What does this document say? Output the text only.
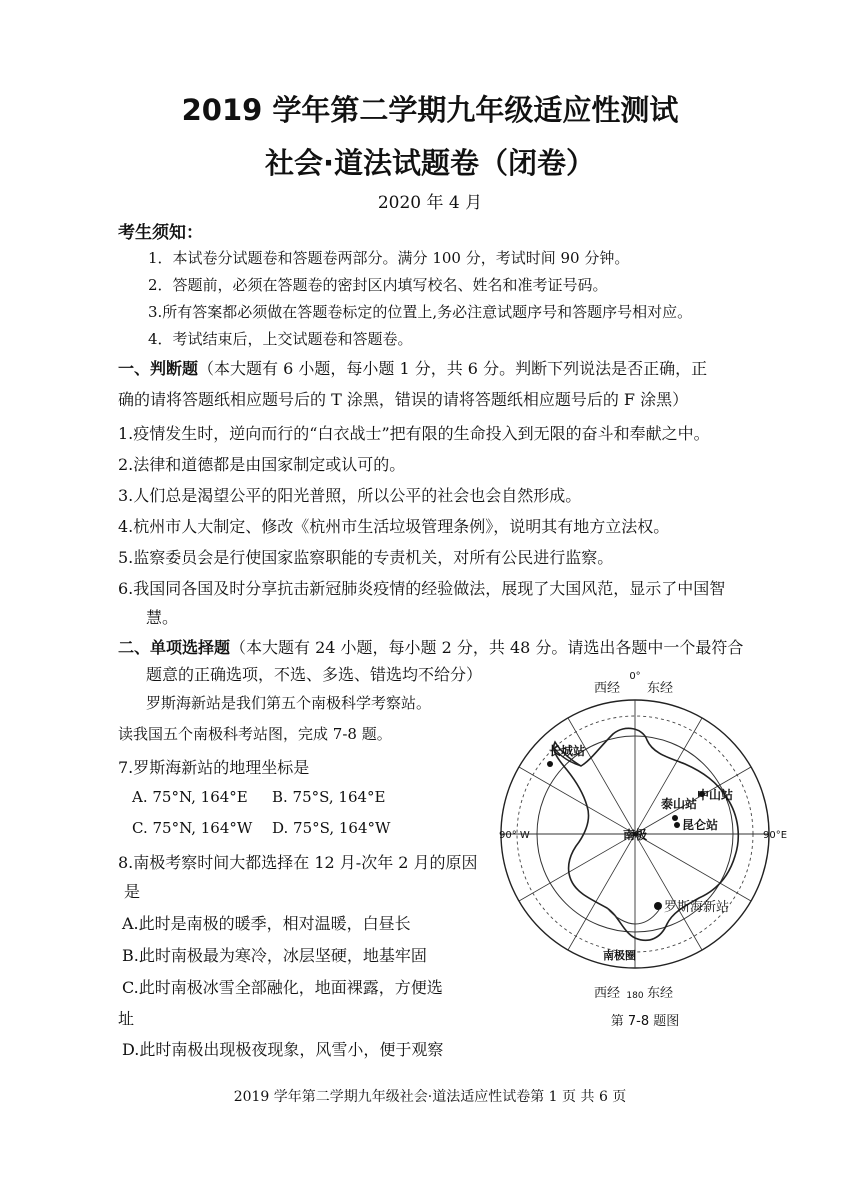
2019 学年第二学期九年级适应性测试
社会·道法试题卷（闭卷）
2020 年 4 月
考生须知：
1．本试卷分试题卷和答题卷两部分。满分 100 分，考试时间 90 分钟。
2．答题前，必须在答题卷的密封区内填写校名、姓名和准考证号码。
3.所有答案都必须做在答题卷标定的位置上,务必注意试题序号和答题序号相对应。
4．考试结束后，上交试题卷和答题卷。
一、判断题（本大题有 6 小题，每小题 1 分，共 6 分。判断下列说法是否正确，正
确的请将答题纸相应题号后的 T 涂黑，错误的请将答题纸相应题号后的 F 涂黑）
1.疫情发生时，逆向而行的“白衣战士”把有限的生命投入到无限的奋斗和奉献之中。
2.法律和道德都是由国家制定或认可的。
3.人们总是渴望公平的阳光普照，所以公平的社会也会自然形成。
4.杭州市人大制定、修改《杭州市生活垃圾管理条例》，说明其有地方立法权。
5.监察委员会是行使国家监察职能的专责机关，对所有公民进行监察。
6.我国同各国及时分享抗击新冠肺炎疫情的经验做法，展现了大国风范，显示了中国智
慧。
二、单项选择题（本大题有 24 小题，每小题 2 分，共 48 分。请选出各题中一个最符合
题意的正确选项，不选、多选、错选均不给分）
罗斯海新站是我们第五个南极科学考察站。
读我国五个南极科考站图，完成 7-8 题。
7.罗斯海新站的地理坐标是
A. 75°N, 164°E B. 75°S, 164°E
C. 75°N, 164°W D. 75°S, 164°W
8.南极考察时间大都选择在 12 月-次年 2 月的原因
是
A.此时是南极的暖季，相对温暖，白昼长
B.此时南极最为寒冷，冰层坚硬，地基牢固
C.此时南极冰雪全部融化，地面裸露，方便选
址
D.此时南极出现极夜现象，风雪小，便于观察
0°
西经 东经
90° W	90°E
南极
南极圈
西经 180 东经
长城站
中山站
泰山站
昆仑站
罗斯海新站
第 7-8 题图
2019 学年第二学期九年级社会·道法适应性试卷第 1 页 共 6 页
